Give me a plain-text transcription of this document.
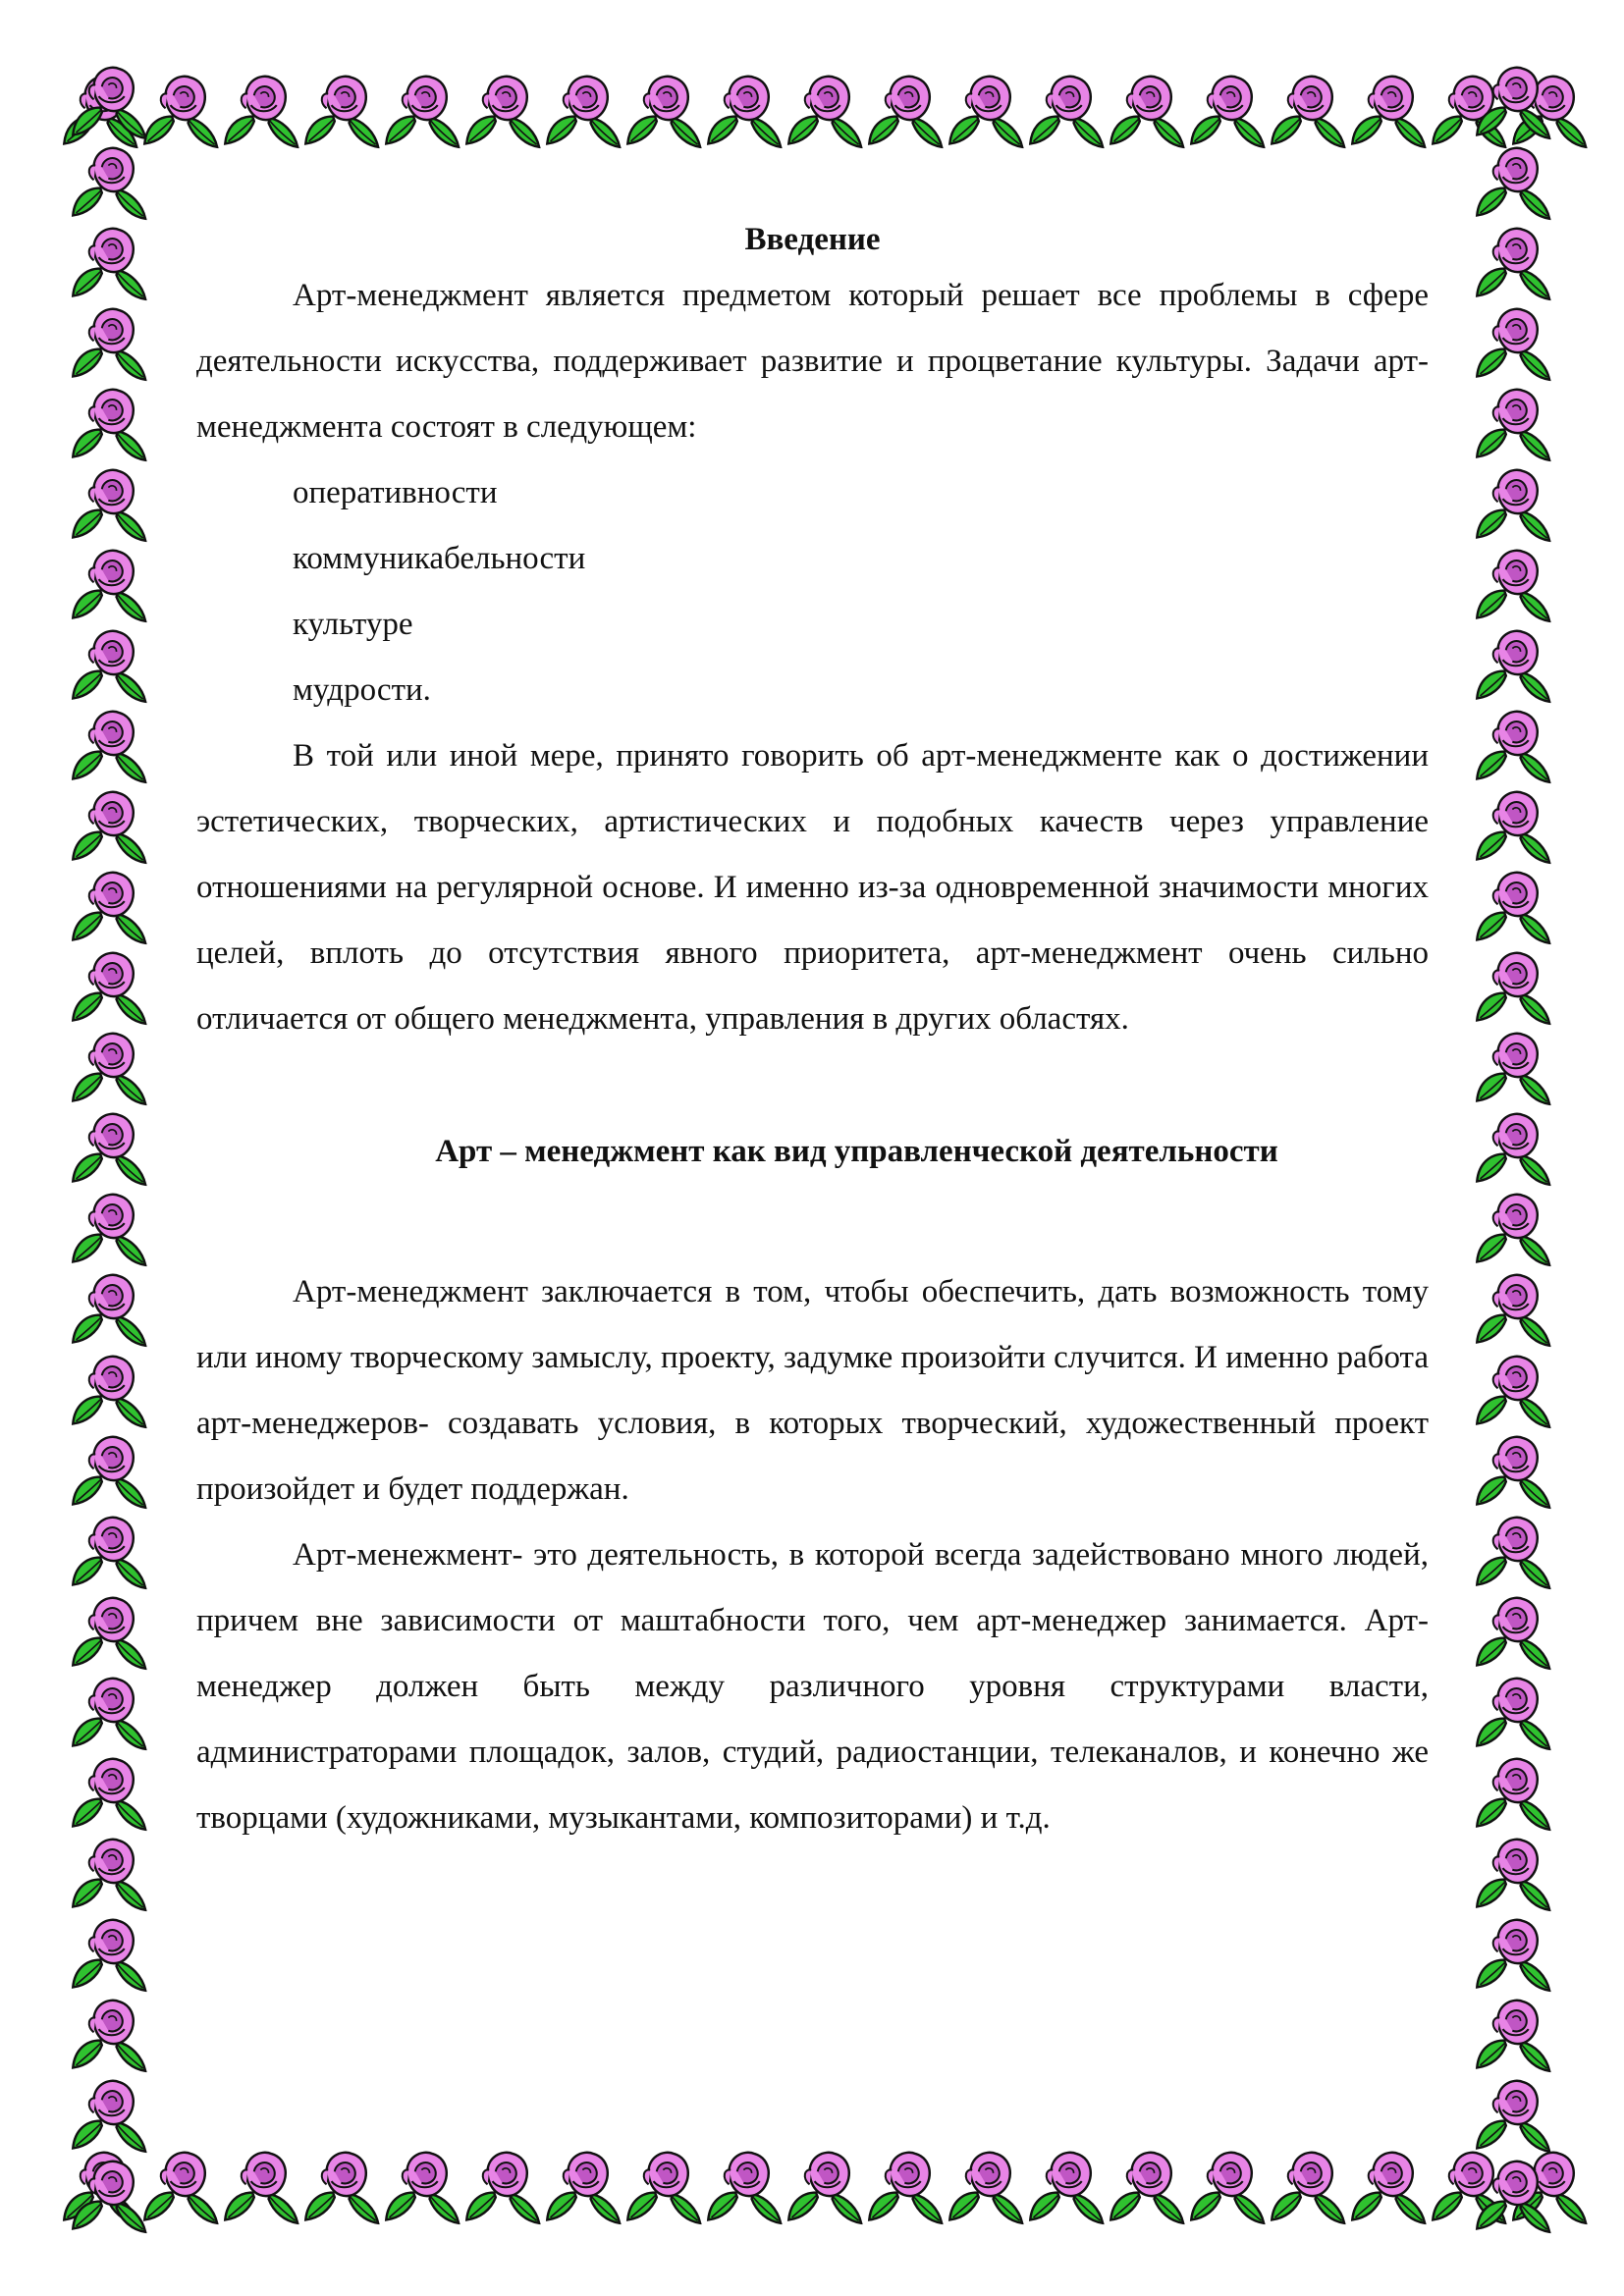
Введение

Арт-менеджмент является предметом который решает все проблемы в сфере деятельности искусства, поддерживает развитие и процветание культуры. Задачи арт-менеджмента состоят в следующем:

оперативности

коммуникабельности

культуре

мудрости.

В той или иной мере, принято говорить об арт-менеджменте как о достижении эстетических, творческих, артистических и подобных качеств через управление отношениями на регулярной основе. И именно из-за одновременной значимости многих целей, вплоть до отсутствия явного приоритета, арт-менеджмент очень сильно отличается от общего менеджмента, управления в других областях.

Арт – менеджмент как вид управленческой деятельности

Арт-менеджмент заключается в том, чтобы обеспечить, дать возможность тому или иному творческому замыслу, проекту, задумке произойти случится. И именно работа арт-менеджеров- создавать условия, в которых творческий, художественный проект произойдет и будет поддержан.

Арт-менежмент- это деятельность, в которой всегда задействовано много людей, причем вне зависимости от маштабности того, чем арт-менеджер занимается. Арт-менеджер должен быть между различного уровня структурами власти, администраторами площадок, залов, студий, радиостанции, телеканалов, и конечно же творцами (художниками, музыкантами, композиторами) и т.д.
